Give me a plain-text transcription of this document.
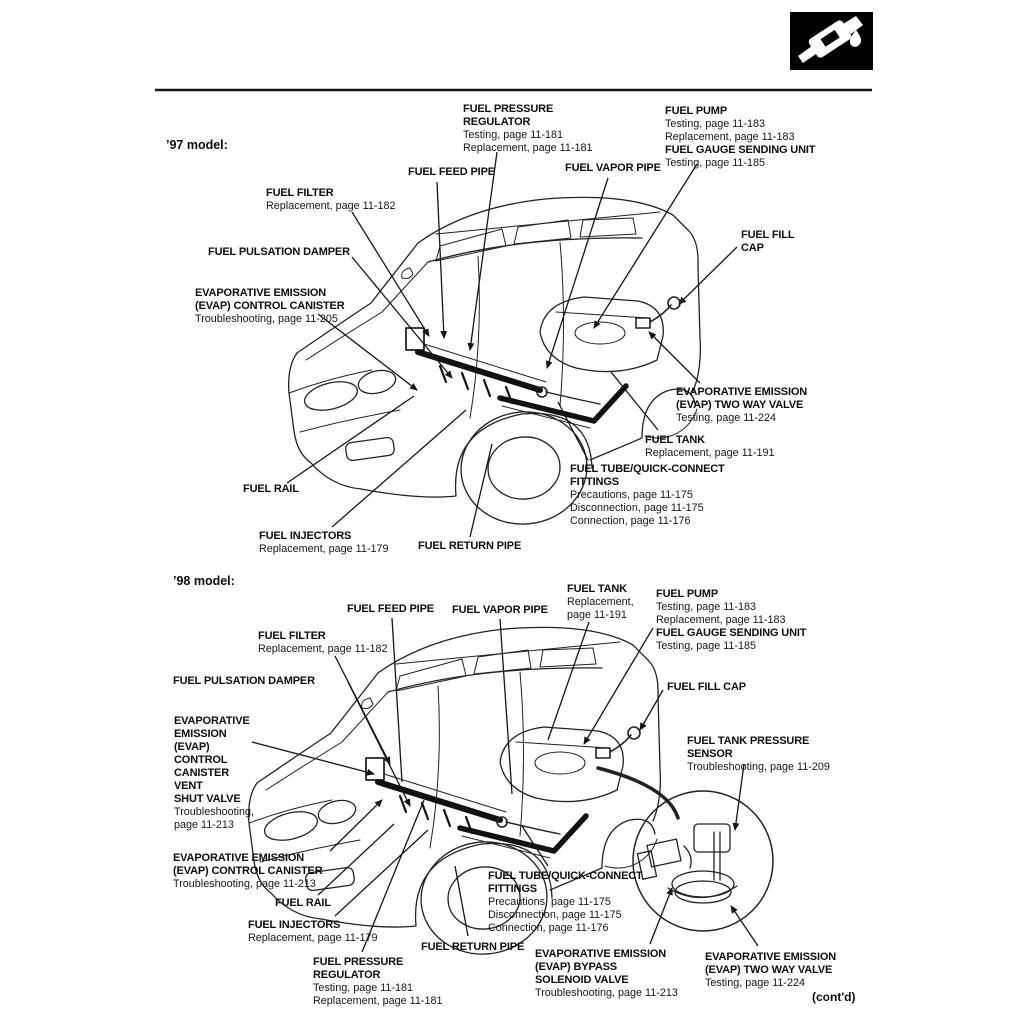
’97 model:
’98 model:
(cont'd)
FUEL PRESSURE
REGULATOR
Testing, page 11-181
Replacement, page 11-181
FUEL PUMP
Testing, page 11-183
Replacement, page 11-183
FUEL GAUGE SENDING UNIT
Testing, page 11-185
FUEL FEED PIPE	FUEL VAPOR PIPE
FUEL FILTER
Replacement, page 11-182
FUEL PULSATION DAMPER
EVAPORATIVE EMISSION
(EVAP) CONTROL CANISTER
Troubleshooting, page 11-205
FUEL FILL
CAP
EVAPORATIVE EMISSION
(EVAP) TWO WAY VALVE
Testing, page 11-224
FUEL TANK
Replacement, page 11-191
FUEL TUBE/QUICK-CONNECT
FITTINGS
Precautions, page 11-175
Disconnection, page 11-175
Connection, page 11-176
FUEL RAIL
FUEL INJECTORS
Replacement, page 11-179	FUEL RETURN PIPE
FUEL FEED PIPE FUEL VAPOR PIPE
FUEL TANK
Replacement,
page 11-191
FUEL PUMP
Testing, page 11-183
Replacement, page 11-183
FUEL GAUGE SENDING UNIT
Testing, page 11-185
FUEL FILTER
Replacement, page 11-182
FUEL PULSATION DAMPER	FUEL FILL CAP
EVAPORATIVE
EMISSION
(EVAP)
CONTROL
CANISTER
VENT
SHUT VALVE
Troubleshooting,
page 11-213
FUEL TANK PRESSURE
SENSOR
Troubleshooting, page 11-209
EVAPORATIVE EMISSION
(EVAP) CONTROL CANISTER
Troubleshooting, page 11-213
FUEL RAIL
FUEL INJECTORS
Replacement, page 11-179
FUEL RETURN PIPE
FUEL PRESSURE
REGULATOR
Testing, page 11-181
Replacement, page 11-181
FUEL TUBE/QUICK-CONNECT
FITTINGS
Precautions, page 11-175
Disconnection, page 11-175
Connection, page 11-176
EVAPORATIVE EMISSION
(EVAP) BYPASS
SOLENOID VALVE
Troubleshooting, page 11-213
EVAPORATIVE EMISSION
(EVAP) TWO WAY VALVE
Testing, page 11-224
